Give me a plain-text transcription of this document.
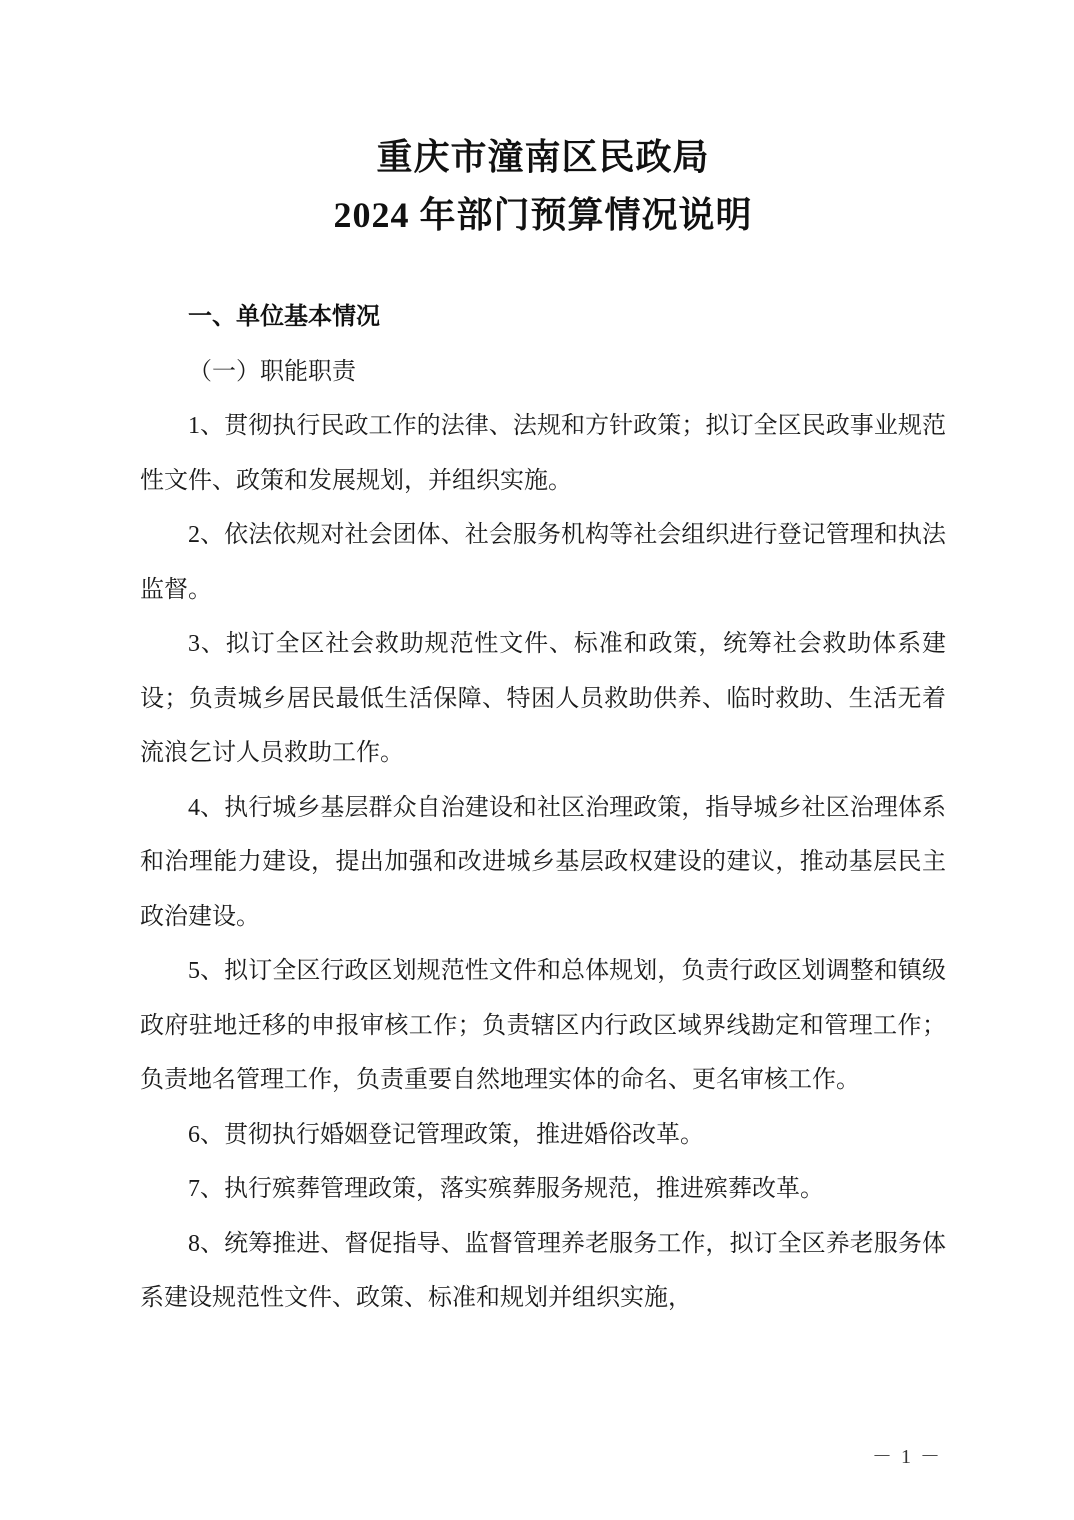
重庆市潼南区民政局
2024 年部门预算情况说明
一、单位基本情况
（一）职能职责

1、贯彻执行民政工作的法律、法规和方针政策；拟订全区民政事业规范性文件、政策和发展规划，并组织实施。

2、依法依规对社会团体、社会服务机构等社会组织进行登记管理和执法监督。

3、拟订全区社会救助规范性文件、标准和政策，统筹社会救助体系建设；负责城乡居民最低生活保障、特困人员救助供养、临时救助、生活无着流浪乞讨人员救助工作。

4、执行城乡基层群众自治建设和社区治理政策，指导城乡社区治理体系和治理能力建设，提出加强和改进城乡基层政权建设的建议，推动基层民主政治建设。

5、拟订全区行政区划规范性文件和总体规划，负责行政区划调整和镇级政府驻地迁移的申报审核工作；负责辖区内行政区域界线勘定和管理工作；负责地名管理工作，负责重要自然地理实体的命名、更名审核工作。

6、贯彻执行婚姻登记管理政策，推进婚俗改革。

7、执行殡葬管理政策，落实殡葬服务规范，推进殡葬改革。

8、统筹推进、督促指导、监督管理养老服务工作，拟订全区养老服务体系建设规范性文件、政策、标准和规划并组织实施，

－ 1 －
